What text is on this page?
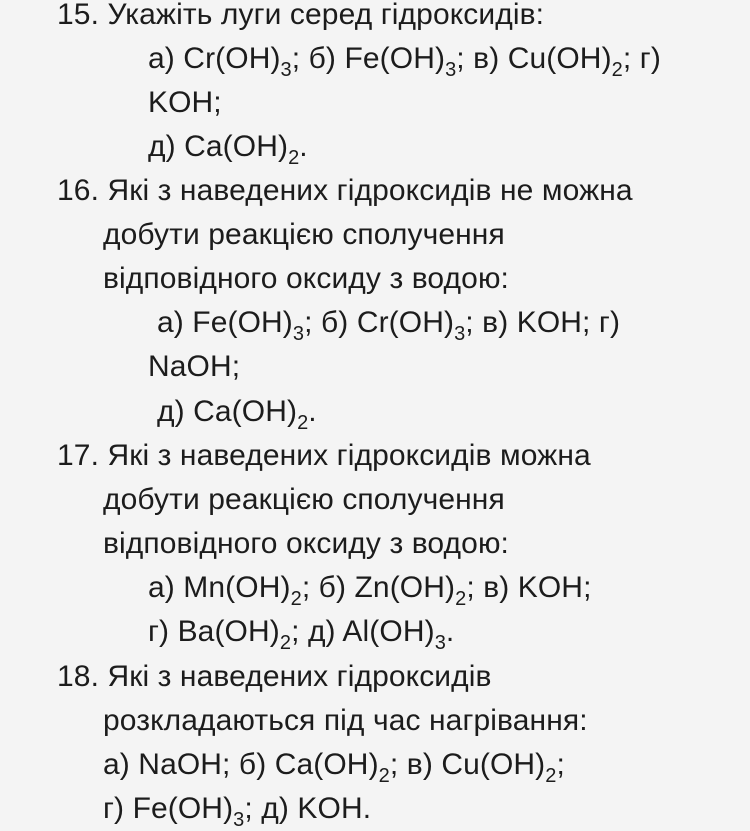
15. Укажіть луги серед гідроксидів:
а) $Cr(OH)_3$; б) $Fe(OH)_3$; в) $Cu(OH)_2$; г)
KOH;
д) $Ca(OH)_2$.
16. Які з наведених гідроксидів не можна
добути реакцією сполучення
відповідного оксиду з водою:
а) $Fe(OH)_3$; б) $Cr(OH)_3$; в) KOH; г)
NaOH;
д) $Ca(OH)_2$.
17. Які з наведених гідроксидів можна
добути реакцією сполучення
відповідного оксиду з водою:
а) $Mn(OH)_2$; б) $Zn(OH)_2$; в) KOH;
г) $Ba(OH)_2$; д) $Al(OH)_3$.
18. Які з наведених гідроксидів
розкладаються під час нагрівання:
а) NaOH; б) $Ca(OH)_2$; в) $Cu(OH)_2$;
г) $Fe(OH)_3$; д) KOH.
